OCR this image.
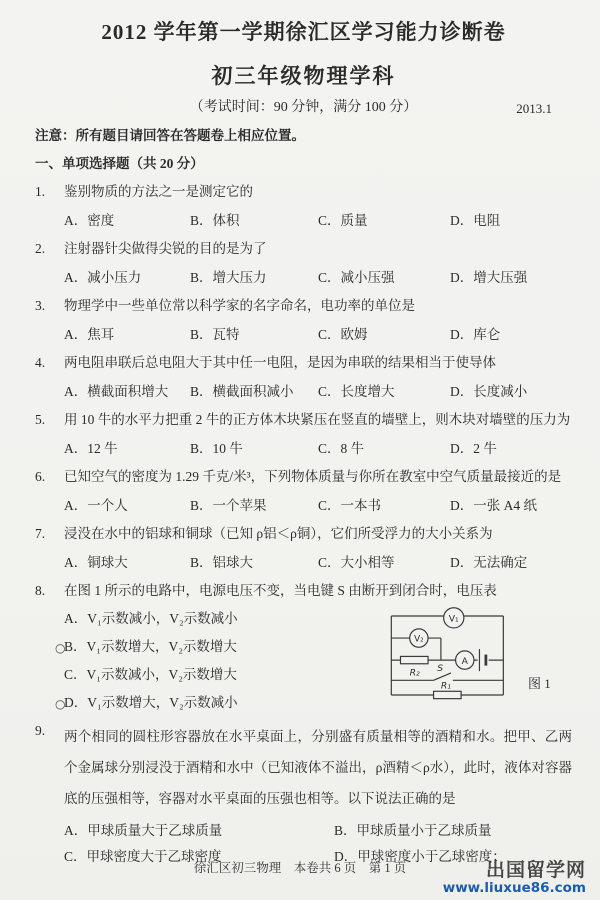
2012 学年第一学期徐汇区学习能力诊断卷
初三年级物理学科
（考试时间：90 分钟，满分 100 分）	2013.1
注意：所有题目请回答在答题卷上相应位置。
一、单项选择题（共 20 分）
1.	鉴别物质的方法之一是测定它的
A．密度	B．体积	C．质量	D．电阻
2.	注射器针尖做得尖锐的目的是为了
A．减小压力	B．增大压力	C．减小压强	D．增大压强
3.	物理学中一些单位常以科学家的名字命名，电功率的单位是
A．焦耳	B．瓦特	C．欧姆	D．库仑
4.	两电阻串联后总电阻大于其中任一电阻，是因为串联的结果相当于使导体
A．横截面积增大	B．横截面积减小	C．长度增大	D．长度减小
5.	用 10 牛的水平力把重 2 牛的正方体木块紧压在竖直的墙壁上，则木块对墙壁的压力为
A．12 牛	B．10 牛	C．8 牛	D．2 牛
6.	已知空气的密度为 1.29 千克/米³，下列物体质量与你所在教室中空气质量最接近的是
A．一个人	B．一个苹果	C．一本书	D．一张 A4 纸
7.	浸没在水中的铝球和铜球（已知 ρ铝＜ρ铜），它们所受浮力的大小关系为
A．铜球大	B．铝球大	C．大小相等	D．无法确定
8.	在图 1 所示的电路中，电源电压不变，当电键 S 由断开到闭合时，电压表
A．V₁示数减小，V₂示数减小
○
B．V₁示数增大，V₂示数增大
C．V₁示数减小，V₂示数增大
○
D．V₁示数增大，V₂示数减小
V₁
V₂
R₂
A
S
R₁	图 1
9.	两个相同的圆柱形容器放在水平桌面上，分别盛有质量相等的酒精和水。把甲、乙两个金属球分别浸没于酒精和水中（已知液体不溢出，ρ酒精＜ρ水），此时，液体对容器底的压强相等，容器对水平桌面的压强也相等。以下说法正确的是
A．甲球质量大于乙球质量	B．甲球质量小于乙球质量
C．甲球密度大于乙球密度	D．甲球密度小于乙球密度；
徐汇区初三物理　本卷共 6 页　第 1 页	出国留学网
www.liuxue86.com
